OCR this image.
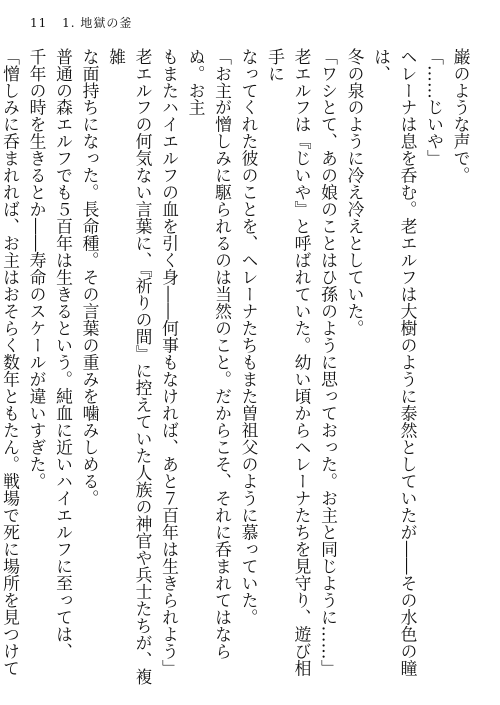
11 1. 地獄の釜

巌のような声で。

「……じいや」

ヘレーナは息を呑む。老エルフは大樹のように泰然としていたが――その水色の瞳は、

冬の泉のように冷え冷えとしていた。

「ワシとて、あの娘のことはひ孫のように思っておった。お主と同じように……」

老エルフは『じいや』と呼ばれていた。幼い頃からヘレーナたちを見守り、遊び相手に

なってくれた彼のことを、ヘレーナたちもまた曽祖父のように慕っていた。

「お主が憎しみに駆られるのは当然のこと。だからこそ、それに呑まれてはならぬ。お主

もまたハイエルフの血を引く身――何事もなければ、あと７百年は生きられよう」

老エルフの何気ない言葉に、『祈りの間』に控えていた人族の神官や兵士たちが、複雑

な面持ちになった。長命種。その言葉の重みを噛みしめる。

普通の森エルフでも５百年は生きるという。純血に近いハイエルフに至っては、

千年の時を生きるとか――寿命のスケールが違いすぎた。

「憎しみに呑まれれば、お主はおそらく数年ともたん。戦場で死に場所を見つけて
